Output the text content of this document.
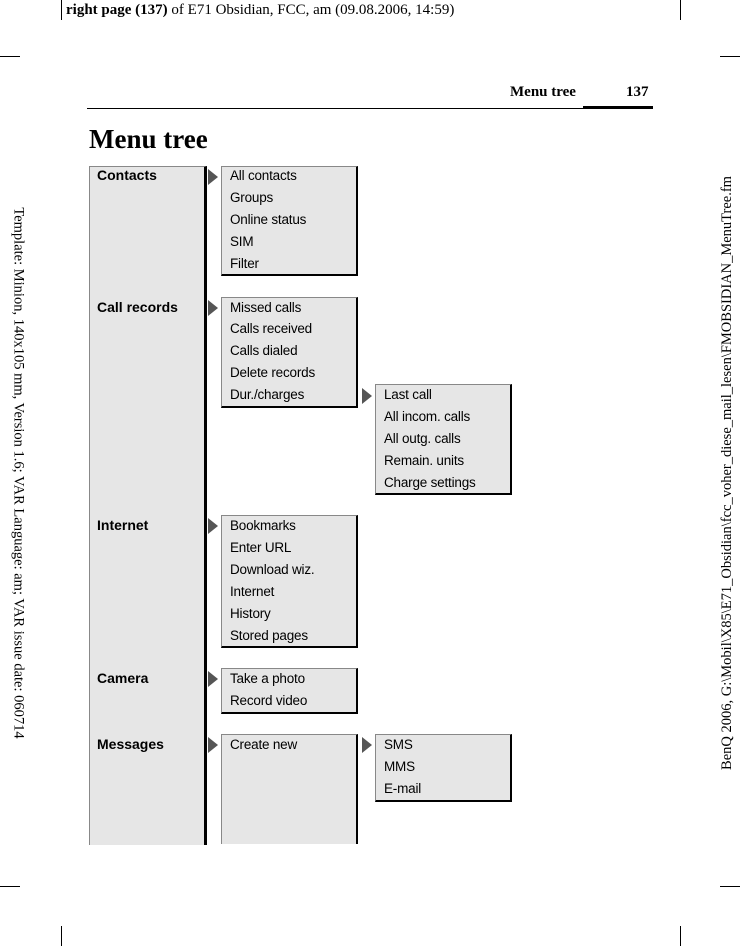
right page (137) of E71 Obsidian, FCC, am (09.08.2006, 14:59)
Template: Minion, 140x105 mm, Version 1.6; VAR Language: am; VAR issue date: 060714	BenQ 2006, G:\Mobil\X85\E71_Obsidian\fcc_voher_diese_mail_lesen\FMOBSIDIAN_MenuTree.fm
Menu tree	137
Menu tree
Contacts
Call records
Internet
Camera
Messages
All contacts
Groups
Online status
SIM
Filter
Missed calls
Calls received
Calls dialed
Delete records
Dur./charges	Last call
All incom. calls
All outg. calls
Remain. units
Charge settings
Bookmarks
Enter URL
Download wiz.
Internet
History
Stored pages
Take a photo
Record video
Create new	SMS
MMS
E-mail
